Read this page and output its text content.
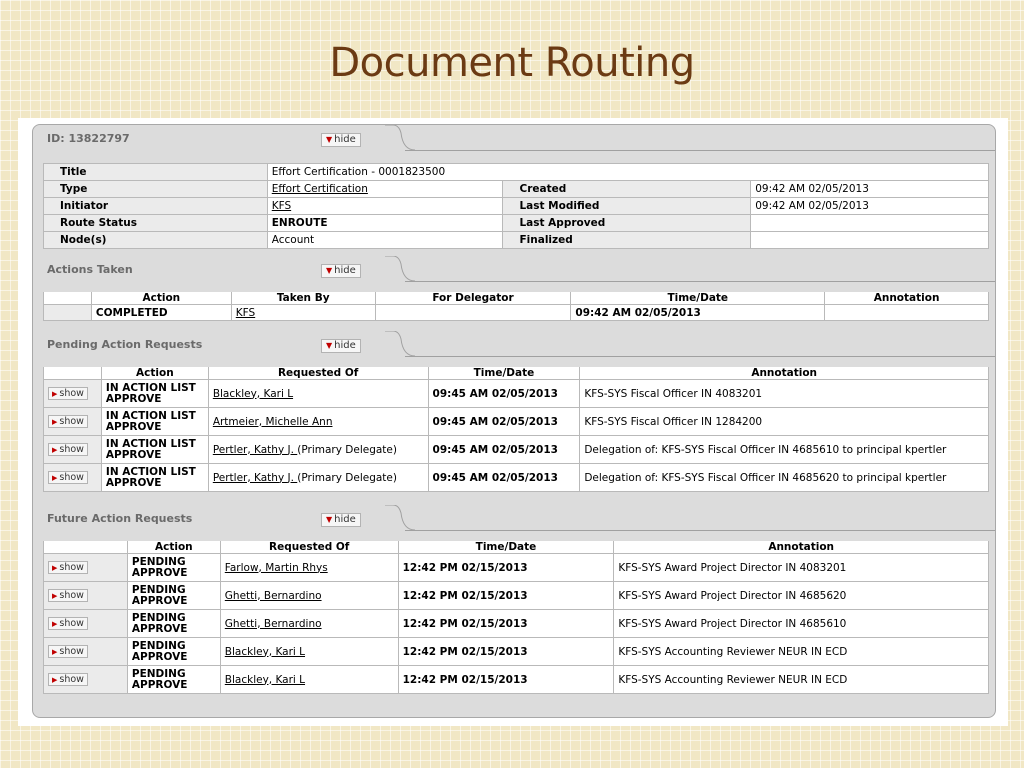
Document Routing
ID: 13822797	▼ hide
Title	Effort Certification - 0001823500		
Type	Effort Certification	Created	09:42 AM 02/05/2013
Initiator	KFS	Last Modified	09:42 AM 02/05/2013
Route Status	ENROUTE	Last Approved	
Node(s)	Account	Finalized	
Actions Taken	▼ hide
	Action	Taken By	For Delegator	Time/Date	Annotation
	COMPLETED	KFS		09:42 AM 02/05/2013	
Pending Action Requests	▼ hide
	Action	Requested Of	Time/Date	Annotation
▶ show	IN ACTION LIST
APPROVE	Blackley, Kari L	09:45 AM 02/05/2013	KFS-SYS Fiscal Officer IN 4083201
▶ show	IN ACTION LIST
APPROVE	Artmeier, Michelle Ann	09:45 AM 02/05/2013	KFS-SYS Fiscal Officer IN 1284200
▶ show	IN ACTION LIST
APPROVE	Pertler, Kathy J. (Primary Delegate)	09:45 AM 02/05/2013	Delegation of: KFS-SYS Fiscal Officer IN 4685610 to principal kpertler
▶ show	IN ACTION LIST
APPROVE	Pertler, Kathy J. (Primary Delegate)	09:45 AM 02/05/2013	Delegation of: KFS-SYS Fiscal Officer IN 4685620 to principal kpertler
Future Action Requests	▼ hide
	Action	Requested Of	Time/Date	Annotation
▶ show	PENDING
APPROVE	Farlow, Martin Rhys	12:42 PM 02/15/2013	KFS-SYS Award Project Director IN 4083201
▶ show	PENDING
APPROVE	Ghetti, Bernardino	12:42 PM 02/15/2013	KFS-SYS Award Project Director IN 4685620
▶ show	PENDING
APPROVE	Ghetti, Bernardino	12:42 PM 02/15/2013	KFS-SYS Award Project Director IN 4685610
▶ show	PENDING
APPROVE	Blackley, Kari L	12:42 PM 02/15/2013	KFS-SYS Accounting Reviewer NEUR IN ECD
▶ show	PENDING
APPROVE	Blackley, Kari L	12:42 PM 02/15/2013	KFS-SYS Accounting Reviewer NEUR IN ECD
